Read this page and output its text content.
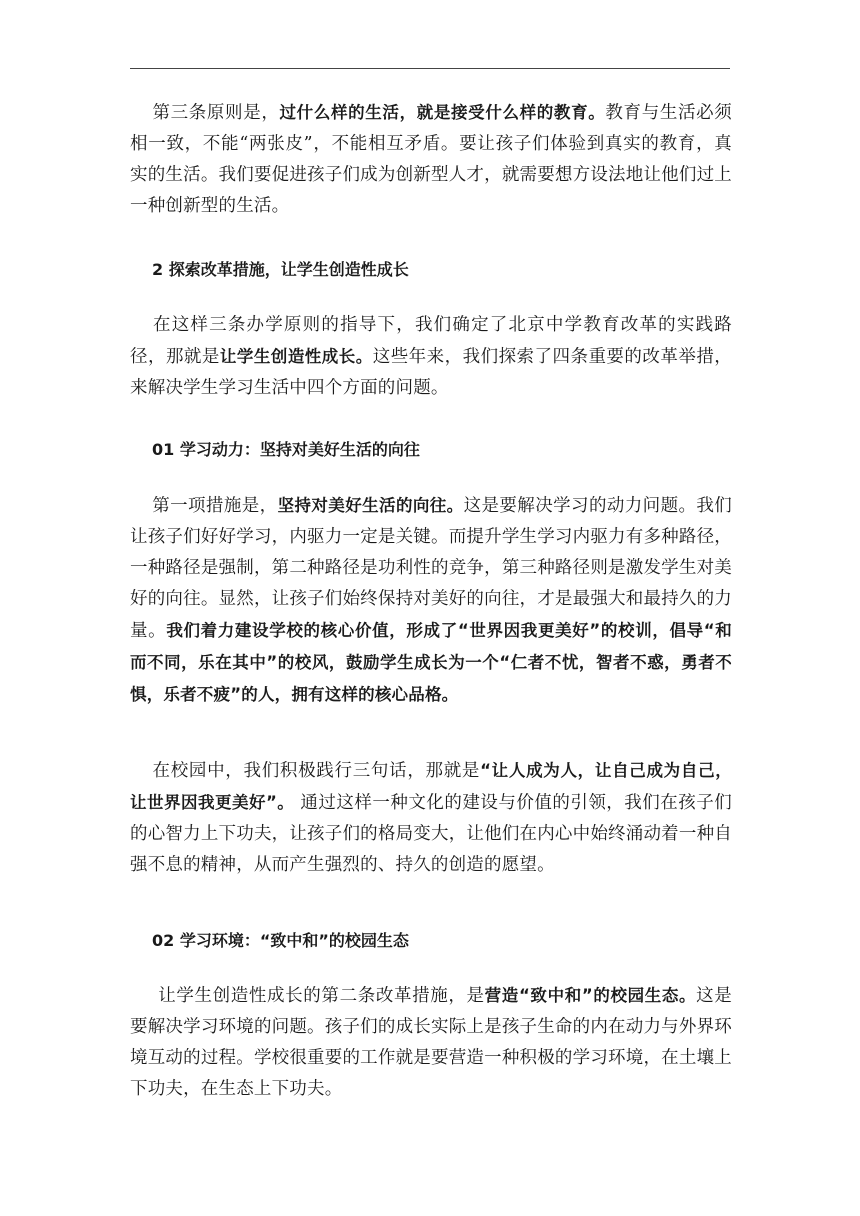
第三条原则是，过什么样的生活，就是接受什么样的教育。教育与生活必须相一致，不能“两张皮”，不能相互矛盾。要让孩子们体验到真实的教育，真实的生活。我们要促进孩子们成为创新型人才，就需要想方设法地让他们过上一种创新型的生活。

2 探索改革措施，让学生创造性成长

在这样三条办学原则的指导下，我们确定了北京中学教育改革的实践路径，那就是让学生创造性成长。这些年来，我们探索了四条重要的改革举措，来解决学生学习生活中四个方面的问题。

01 学习动力：坚持对美好生活的向往

第一项措施是，坚持对美好生活的向往。这是要解决学习的动力问题。我们让孩子们好好学习，内驱力一定是关键。而提升学生学习内驱力有多种路径，一种路径是强制，第二种路径是功利性的竞争，第三种路径则是激发学生对美好的向往。显然，让孩子们始终保持对美好的向往，才是最强大和最持久的力量。我们着力建设学校的核心价值，形成了“世界因我更美好”的校训，倡导“和而不同，乐在其中”的校风，鼓励学生成长为一个“仁者不忧，智者不惑，勇者不惧，乐者不疲”的人，拥有这样的核心品格。

在校园中，我们积极践行三句话，那就是“让人成为人，让自己成为自己，让世界因我更美好”。 通过这样一种文化的建设与价值的引领，我们在孩子们的心智力上下功夫，让孩子们的格局变大，让他们在内心中始终涌动着一种自强不息的精神，从而产生强烈的、持久的创造的愿望。

02 学习环境：“致中和”的校园生态

让学生创造性成长的第二条改革措施，是营造“致中和”的校园生态。这是要解决学习环境的问题。孩子们的成长实际上是孩子生命的内在动力与外界环境互动的过程。学校很重要的工作就是要营造一种积极的学习环境，在土壤上下功夫，在生态上下功夫。
